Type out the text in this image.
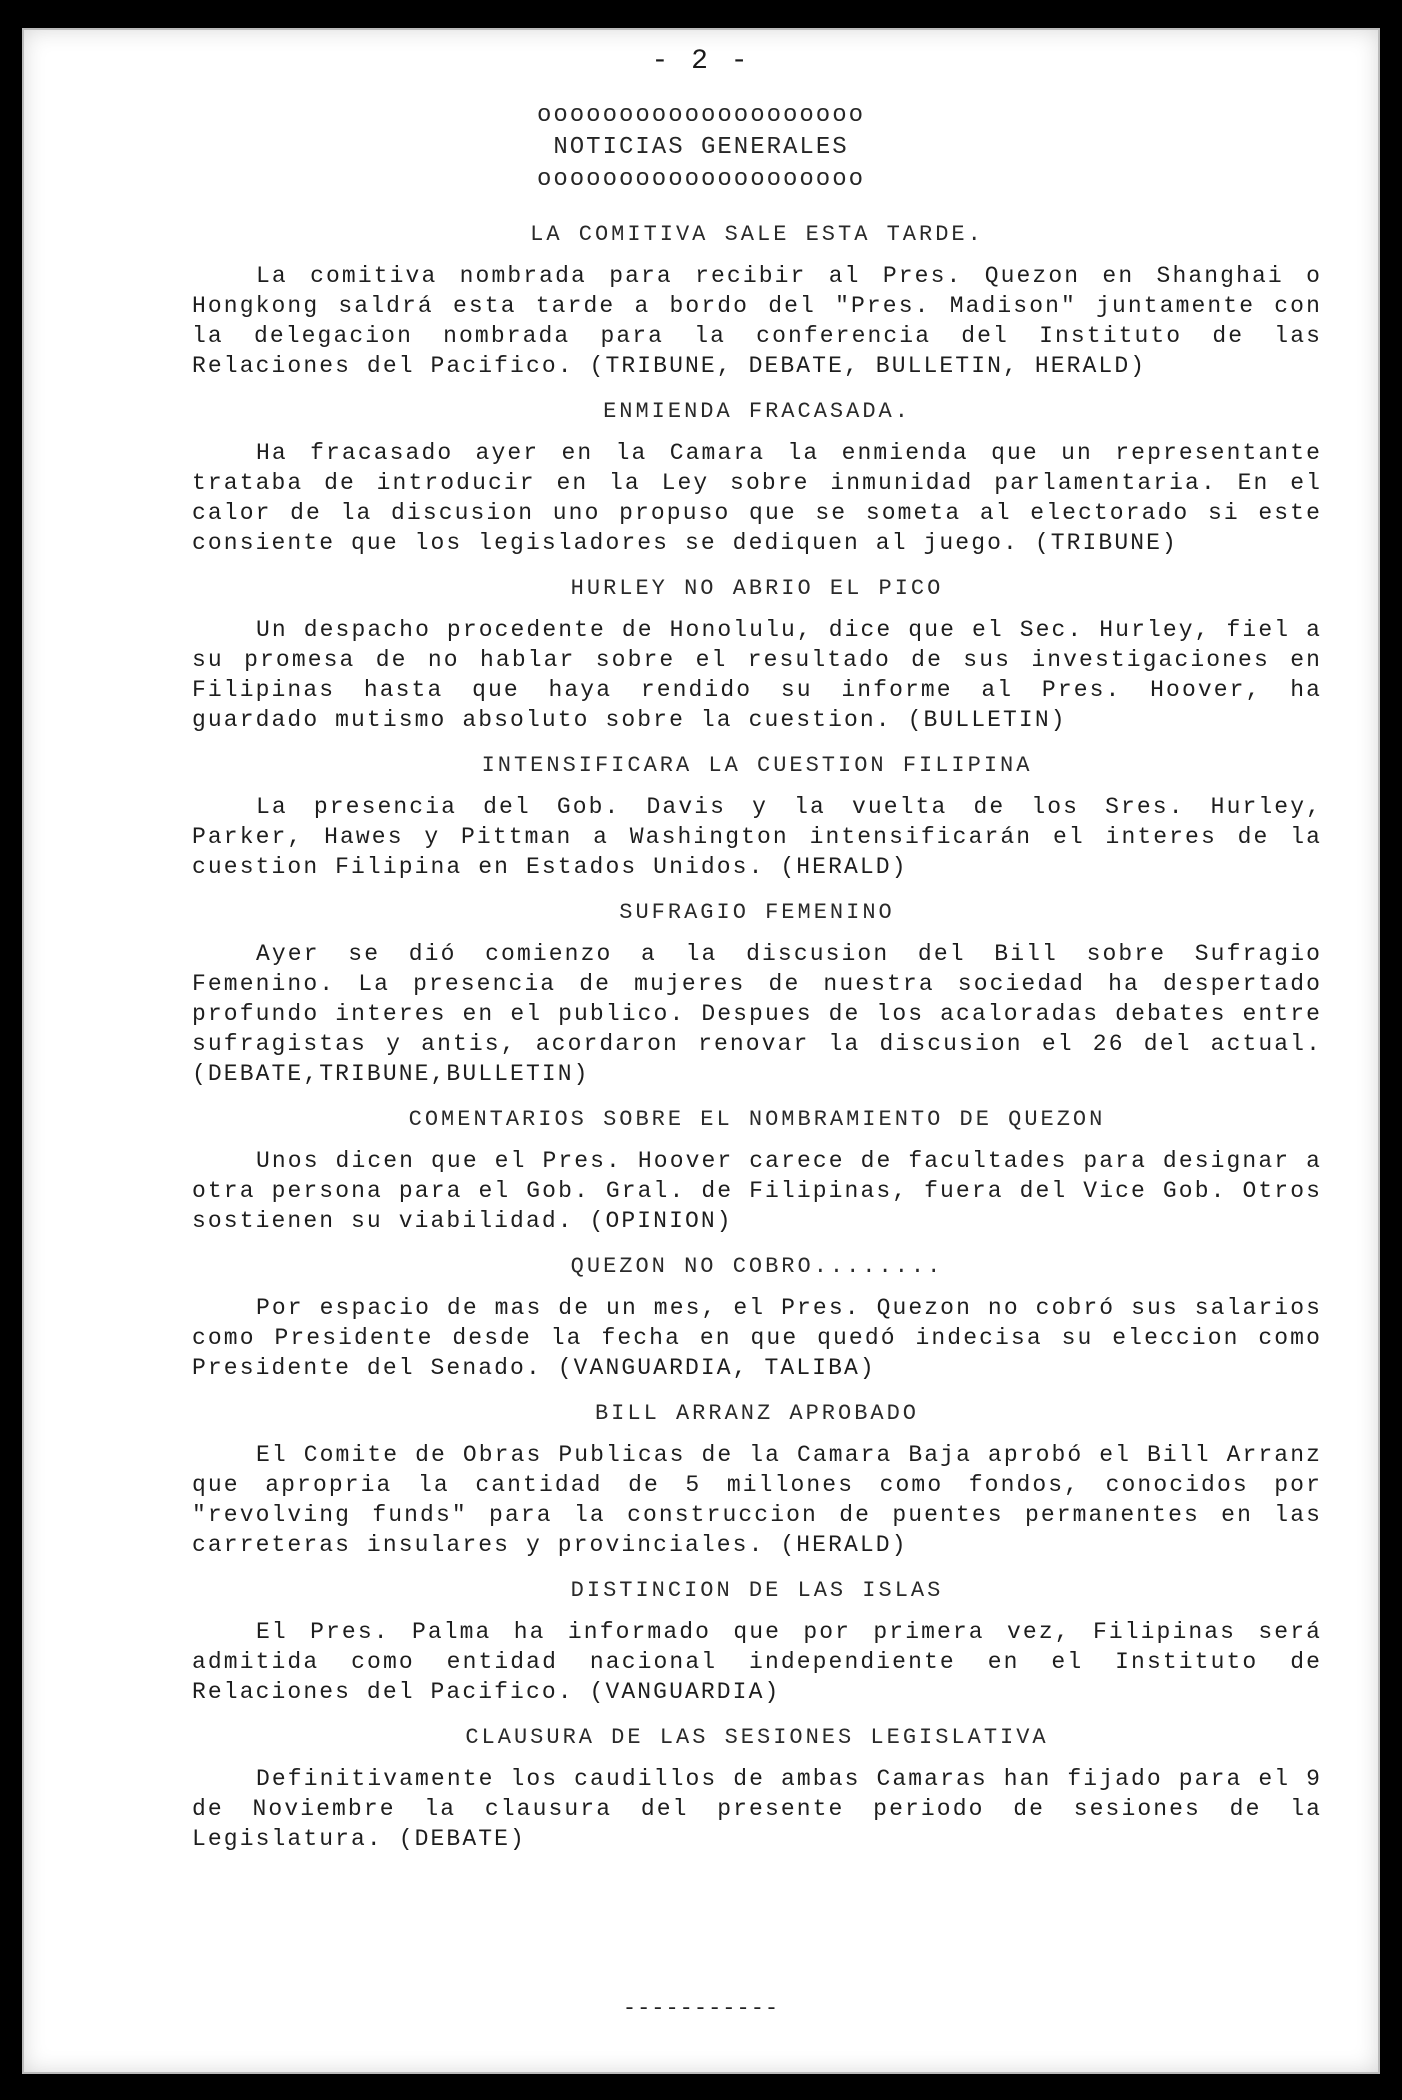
- 2 -
oooooooooooooooooooo
NOTICIAS GENERALES
oooooooooooooooooooo
LA COMITIVA SALE ESTA TARDE.

La comitiva nombrada para recibir al Pres. Quezon en Shanghai o Hongkong saldrá esta tarde a bordo del "Pres. Madison" juntamente con la delegacion nombrada para la conferencia del Instituto de las Relaciones del Pacifico. (TRIBUNE, DEBATE, BULLETIN, HERALD)

ENMIENDA FRACASADA.

Ha fracasado ayer en la Camara la enmienda que un representante trataba de introducir en la Ley sobre inmunidad parlamentaria. En el calor de la discusion uno propuso que se someta al electorado si este consiente que los legisladores se dediquen al juego. (TRIBUNE)

HURLEY NO ABRIO EL PICO

Un despacho procedente de Honolulu, dice que el Sec. Hurley, fiel a su promesa de no hablar sobre el resultado de sus investigaciones en Filipinas hasta que haya rendido su informe al Pres. Hoover, ha guardado mutismo absoluto sobre la cuestion. (BULLETIN)

INTENSIFICARA LA CUESTION FILIPINA

La presencia del Gob. Davis y la vuelta de los Sres. Hurley, Parker, Hawes y Pittman a Washington intensificarán el interes de la cuestion Filipina en Estados Unidos. (HERALD)

SUFRAGIO FEMENINO

Ayer se dió comienzo a la discusion del Bill sobre Sufragio Femenino. La presencia de mujeres de nuestra sociedad ha despertado profundo interes en el publico. Despues de los acaloradas debates entre sufragistas y antis, acordaron renovar la discusion el 26 del actual. (DEBATE,TRIBUNE,BULLETIN)

COMENTARIOS SOBRE EL NOMBRAMIENTO DE QUEZON

Unos dicen que el Pres. Hoover carece de facultades para designar a otra persona para el Gob. Gral. de Filipinas, fuera del Vice Gob. Otros sostienen su viabilidad. (OPINION)

QUEZON NO COBRO........

Por espacio de mas de un mes, el Pres. Quezon no cobró sus salarios como Presidente desde la fecha en que quedó indecisa su eleccion como Presidente del Senado. (VANGUARDIA, TALIBA)

BILL ARRANZ APROBADO

El Comite de Obras Publicas de la Camara Baja aprobó el Bill Arranz que apropria la cantidad de 5 millones como fondos, conocidos por "revolving funds" para la construccion de puentes permanentes en las carreteras insulares y provinciales. (HERALD)

DISTINCION DE LAS ISLAS

El Pres. Palma ha informado que por primera vez, Filipinas será admitida como entidad nacional independiente en el Instituto de Relaciones del Pacifico. (VANGUARDIA)

CLAUSURA DE LAS SESIONES LEGISLATIVA

Definitivamente los caudillos de ambas Camaras han fijado para el 9 de Noviembre la clausura del presente periodo de sesiones de la Legislatura. (DEBATE)

-----------
